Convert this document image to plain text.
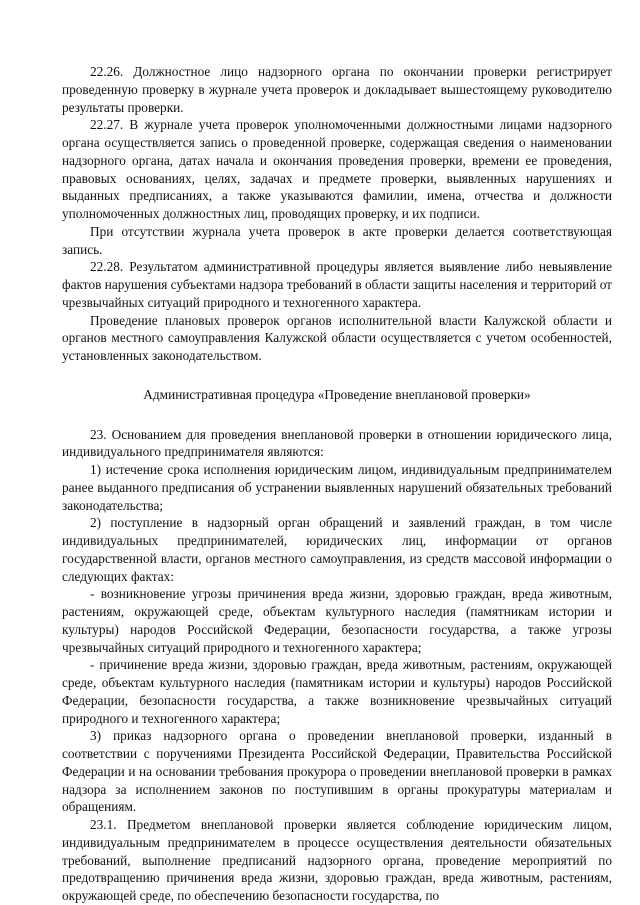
22.26. Должностное лицо надзорного органа по окончании проверки регистрирует проведенную проверку в журнале учета проверок и докладывает вышестоящему руководителю результаты проверки.

22.27. В журнале учета проверок уполномоченными должностными лицами надзорного органа осуществляется запись о проведенной проверке, содержащая сведения о наименовании надзорного органа, датах начала и окончания проведения проверки, времени ее проведения, правовых основаниях, целях, задачах и предмете проверки, выявленных нарушениях и выданных предписаниях, а также указываются фамилии, имена, отчества и должности уполномоченных должностных лиц, проводящих проверку, и их подписи.

При отсутствии журнала учета проверок в акте проверки делается соответствующая запись.

22.28. Результатом административной процедуры является выявление либо невыявление фактов нарушения субъектами надзора требований в области защиты населения и территорий от чрезвычайных ситуаций природного и техногенного характера.

Проведение плановых проверок органов исполнительной власти Калужской области и органов местного самоуправления Калужской области осуществляется с учетом особенностей, установленных законодательством.

Административная процедура «Проведение внеплановой проверки»

23. Основанием для проведения внеплановой проверки в отношении юридического лица, индивидуального предпринимателя являются:

1) истечение срока исполнения юридическим лицом, индивидуальным предпринимателем ранее выданного предписания об устранении выявленных нарушений обязательных требований законодательства;

2) поступление в надзорный орган обращений и заявлений граждан, в том числе индивидуальных предпринимателей, юридических лиц, информации от органов государственной власти, органов местного самоуправления, из средств массовой информации о следующих фактах:

- возникновение угрозы причинения вреда жизни, здоровью граждан, вреда животным, растениям, окружающей среде, объектам культурного наследия (памятникам истории и культуры) народов Российской Федерации, безопасности государства, а также угрозы чрезвычайных ситуаций природного и техногенного характера;

- причинение вреда жизни, здоровью граждан, вреда животным, растениям, окружающей среде, объектам культурного наследия (памятникам истории и культуры) народов Российской Федерации, безопасности государства, а также возникновение чрезвычайных ситуаций природного и техногенного характера;

3) приказ надзорного органа о проведении внеплановой проверки, изданный в соответствии с поручениями Президента Российской Федерации, Правительства Российской Федерации и на основании требования прокурора о проведении внеплановой проверки в рамках надзора за исполнением законов по поступившим в органы прокуратуры материалам и обращениям.

23.1. Предметом внеплановой проверки является соблюдение юридическим лицом, индивидуальным предпринимателем в процессе осуществления деятельности обязательных требований, выполнение предписаний надзорного органа, проведение мероприятий по предотвращению причинения вреда жизни, здоровью граждан, вреда животным, растениям, окружающей среде, по обеспечению безопасности государства, по
